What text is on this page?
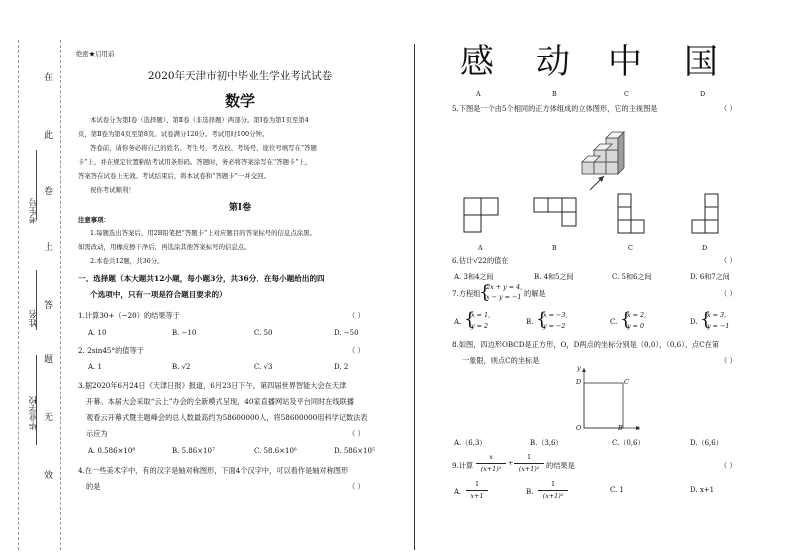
在
此
卷
上
答
题
无
效
考生号
姓名
毕业学校
绝密★启用前
2020年天津市初中毕业生学业考试试卷
数学
本试卷分为第Ⅰ卷（选择题）、第Ⅱ卷（非选择题）两部分。第Ⅰ卷为第1页至第4
页，第Ⅱ卷为第4页至第8页。试卷满分120分。考试用时100分钟。
答卷前，请你务必将自己的姓名、考生号、考点校、考场号、座位号填写在“答题
卡”上，并在规定位置粘贴考试用条形码。答题时，务必将答案涂写在“答题卡”上，
答案答在试卷上无效。考试结束后，将本试卷和“答题卡”一并交回。
祝你考试顺利！
第Ⅰ卷
注意事项：
1.每题选出答案后，用2B铅笔把“答题卡”上对应题目的答案标号的信息点涂黑。
如需改动，用橡皮擦干净后，再选涂其他答案标号的信息点。
2.本卷共12题，共36分。
一、选择题（本大题共12小题，每小题3分，共36分．在每小题给出的四
个选项中，只有一项是符合题目要求的）
1.计算30+（−20）的结果等于	（ ）
A. 10	B. −10	C. 50	D. −50
2. 2sin45°的值等于	（ ）
A. 1	B. √2	C. √3	D. 2
3.据2020年6月24日《天津日报》报道，6月23日下午，第四届世界智能大会在天津
开幕。本届大会采取“云上”办会的全新模式呈现，40家直播网站及平台同时在线联播
观看云开幕式暨主题峰会的总人数最高约为58600000人，将58600000用科学记数法表
示应为	（ ）
A. 0.586×10⁸	B. 5.86×10⁷	C. 58.6×10⁶	D. 586×10⁵
4.在一些美术字中，有的汉字是轴对称图形，下面4个汉字中，可以看作是轴对称图形
的是	（ ）
感
A
动
B
中
C
国
D
5.下图是一个由5个相同的正方体组成的立体图形，它的主视图是	（ ）
A	B	C	D
6.估计√22的值在	（ ）
A. 3和4之间	B. 4和5之间	C. 5和6之间	D. 6和7之间
7.方程组
{
2x + y = 4,
x − y = −1 的解是	（ ）
A. {
x = 1,
y = 2	B. {
x = −3,
y = −2	C. {
x = 2,
y = 0	D. {
x = 3,
y = −1
8.如图，四边形OBCD是正方形，O，D两点的坐标分别是（0,0），（0,6），点C在第
一象限，则点C的坐标是	（ ）
y
D	C
O	B x
A.（6,3）	B.（3,6）	C.（0,6）	D.（6,6）
9.计算
x
(x+1)²
+
1
(x+1)² 的结果是	（ ）
A.
1
x+1	B.
1
(x+1)²
C. 1	D. x+1
